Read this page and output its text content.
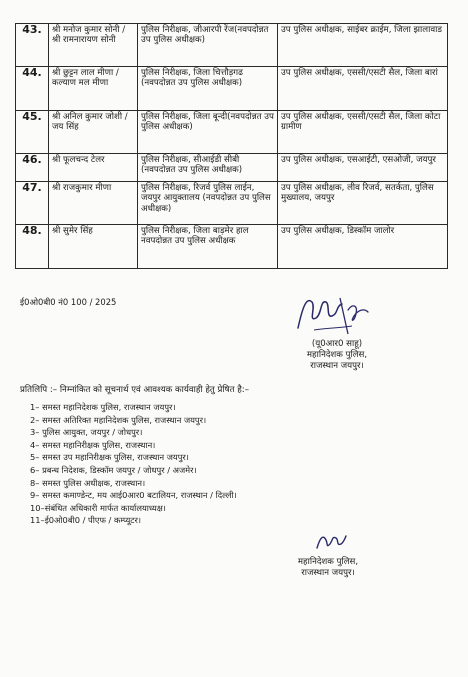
43.	श्री मनोज कुमार सोनी / श्री रामनारायण सोनी	पुलिस निरीक्षक, जीआरपी रेंज(नवपदोन्नत उप पुलिस अधीक्षक)	उप पुलिस अधीक्षक, साईबर क्राईम, जिला झालावाड
44.	श्री छुट्टन लाल मीणा / कल्याण मल मीणा	पुलिस निरीक्षक, जिला चित्तौड़गढ (नवपदोन्नत उप पुलिस अधीक्षक)	उप पुलिस अधीक्षक, एससी/एसटी सैल, जिला बारां
45.	श्री अनिल कुमार जोशी / जय सिंह	पुलिस निरीक्षक, जिला बून्दी(नवपदोन्नत उप पुलिस अधीक्षक)	उप पुलिस अधीक्षक, एससी/एसटी सैल, जिला कोटा ग्रामीण
46.	श्री फूलचन्द टेलर	पुलिस निरीक्षक, सीआईडी सीबी (नवपदोन्नत उप पुलिस अधीक्षक)	उप पुलिस अधीक्षक, एसआईटी, एसओजी, जयपुर
47.	श्री राजकुमार मीणा	पुलिस निरीक्षक, रिजर्व पुलिस लाईन, जयपुर आयुक्तालय (नवपदोन्नत उप पुलिस अधीक्षक)	उप पुलिस अधीक्षक, लीव रिजर्व, सतर्कता, पुलिस मुख्यालय, जयपुर
48.	श्री सुमेर सिंह	पुलिस निरीक्षक, जिला बाड़मेर हाल नवपदोन्नत उप पुलिस अधीक्षक	उप पुलिस अधीक्षक, डिस्कॉम जालोर
ई0ओ0बी0 नं0 100 / 2025
(यू0आर0 साहू)
महानिदेशक पुलिस,
राजस्थान जयपुर।
प्रतिलिपि :– निम्नांकित को सूचनार्थ एवं आवश्यक कार्यवाही हेतु प्रेषित है:–
1– समस्त महानिदेशक पुलिस, राजस्थान जयपुर।
2– समस्त अतिरिक्त महानिदेशक पुलिस, राजस्थान जयपुर।
3– पुलिस आयुक्त, जयपुर / जोधपुर।
4– समस्त महानिरीक्षक पुलिस, राजस्थान।
5– समस्त उप महानिरीक्षक पुलिस, राजस्थान जयपुर।
6– प्रबन्ध निदेशक, डिस्कॉम जयपुर / जोधपुर / अजमेर।
8– समस्त पुलिस अधीक्षक, राजस्थान।
9– समस्त कमाण्डेन्ट, मय आई0आर0 बटालियन, राजस्थान / दिल्ली।
10–संबंधित अधिकारी मार्फत कार्यालयाध्यक्ष।
11–ई0ओ0बी0 / पीएफ / कम्प्यूटर।
महानिदेशक पुलिस,
राजस्थान जयपुर।
